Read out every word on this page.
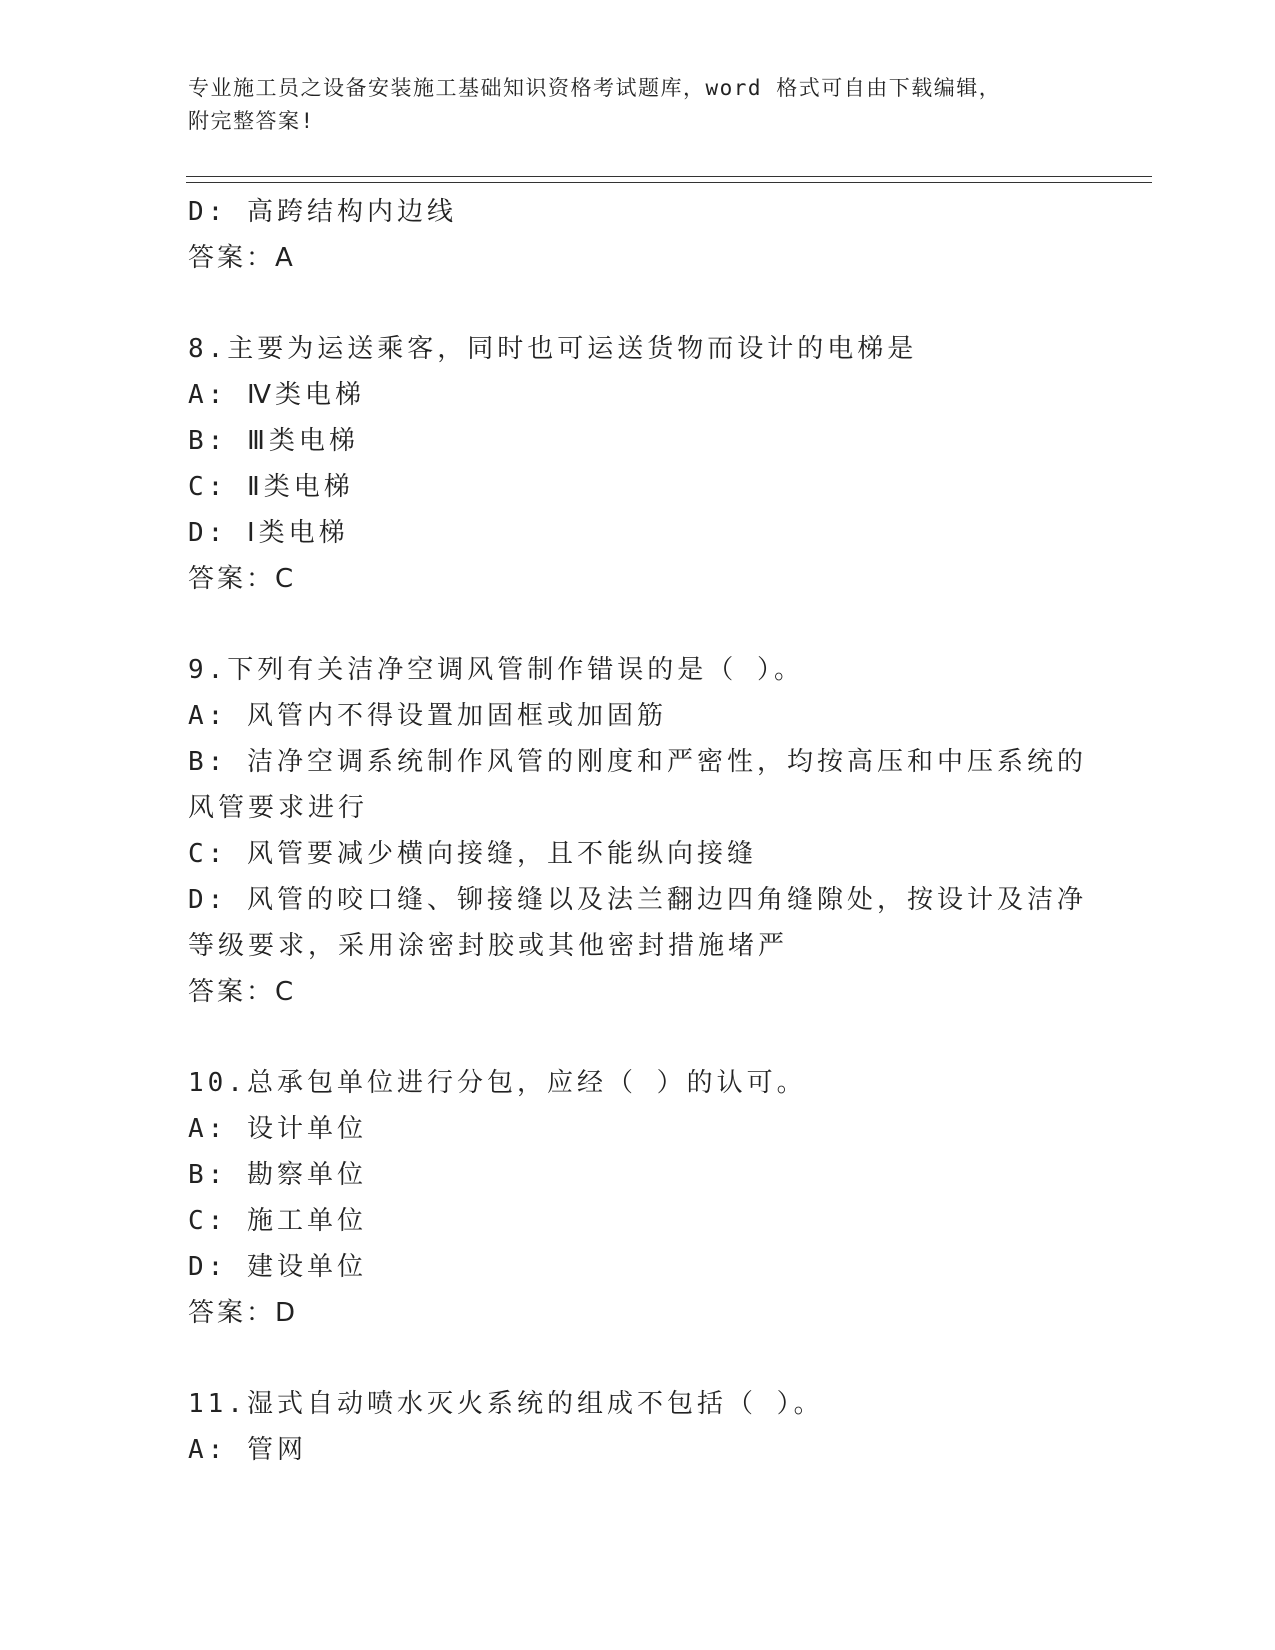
专业施工员之设备安装施工基础知识资格考试题库，word 格式可自由下载编辑，
附完整答案!
D: 高跨结构内边线
答案：A
8.主要为运送乘客，同时也可运送货物而设计的电梯是
A: Ⅳ类电梯
B: Ⅲ类电梯
C: Ⅱ类电梯
D: Ⅰ类电梯
答案：C
9.下列有关洁净空调风管制作错误的是（ ）。
A: 风管内不得设置加固框或加固筋
B: 洁净空调系统制作风管的刚度和严密性，均按高压和中压系统的风管要求进行
C: 风管要减少横向接缝，且不能纵向接缝
D: 风管的咬口缝、铆接缝以及法兰翻边四角缝隙处，按设计及洁净等级要求，采用涂密封胶或其他密封措施堵严
答案：C
10.总承包单位进行分包，应经（ ）的认可。
A: 设计单位
B: 勘察单位
C: 施工单位
D: 建设单位
答案：D
11.湿式自动喷水灭火系统的组成不包括（ ）。
A: 管网
